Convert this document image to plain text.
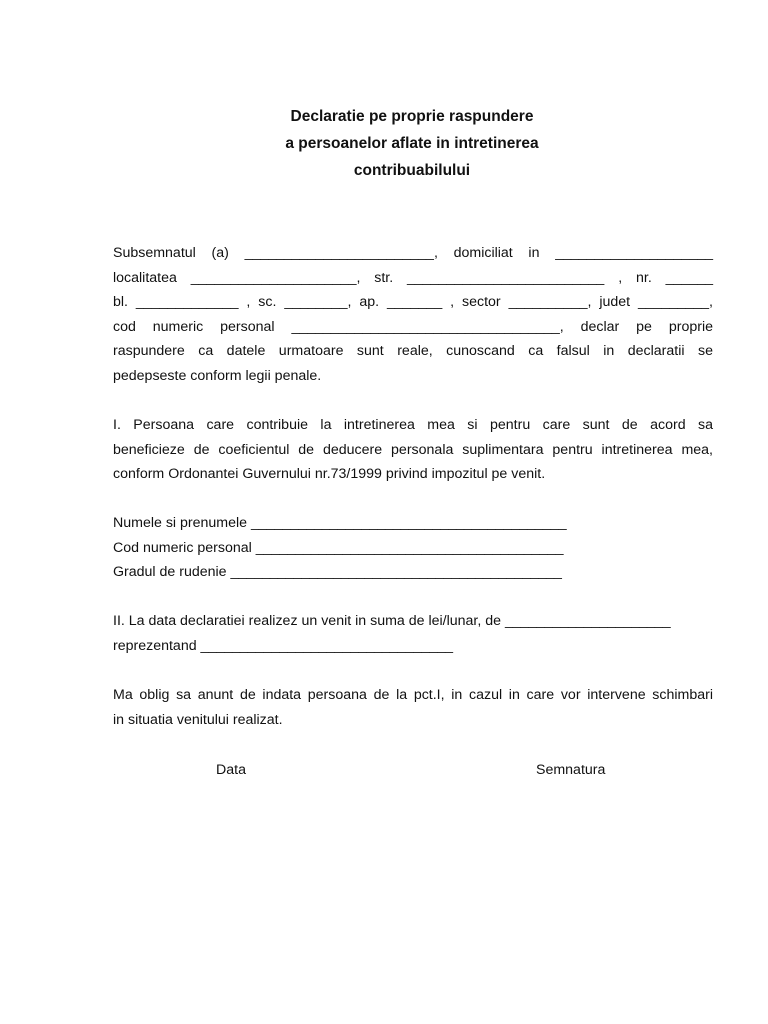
Declaratie pe proprie raspundere
a persoanelor aflate in intretinerea
contribuabilului
Subsemnatul (a) ________________________, domiciliat in ____________________
localitatea _____________________, str. _________________________ , nr. ______
bl. _____________ , sc. ________, ap. _______ , sector __________, judet _________,
cod numeric personal __________________________________, declar pe proprie
raspundere ca datele urmatoare sunt reale, cunoscand ca falsul in declaratii se
pedepseste conform legii penale.
I. Persoana care contribuie la intretinerea mea si pentru care sunt de acord sa
beneficieze de coeficientul de deducere personala suplimentara pentru intretinerea mea,
conform Ordonantei Guvernului nr.73/1999 privind impozitul pe venit.
Numele si prenumele ________________________________________
Cod numeric personal _______________________________________
Gradul de rudenie __________________________________________
II. La data declaratiei realizez un venit in suma de lei/lunar, de _____________________
reprezentand ________________________________
Ma oblig sa anunt de indata persoana de la pct.I, in cazul in care vor intervene schimbari
in situatia venitului realizat.
Data	Semnatura
